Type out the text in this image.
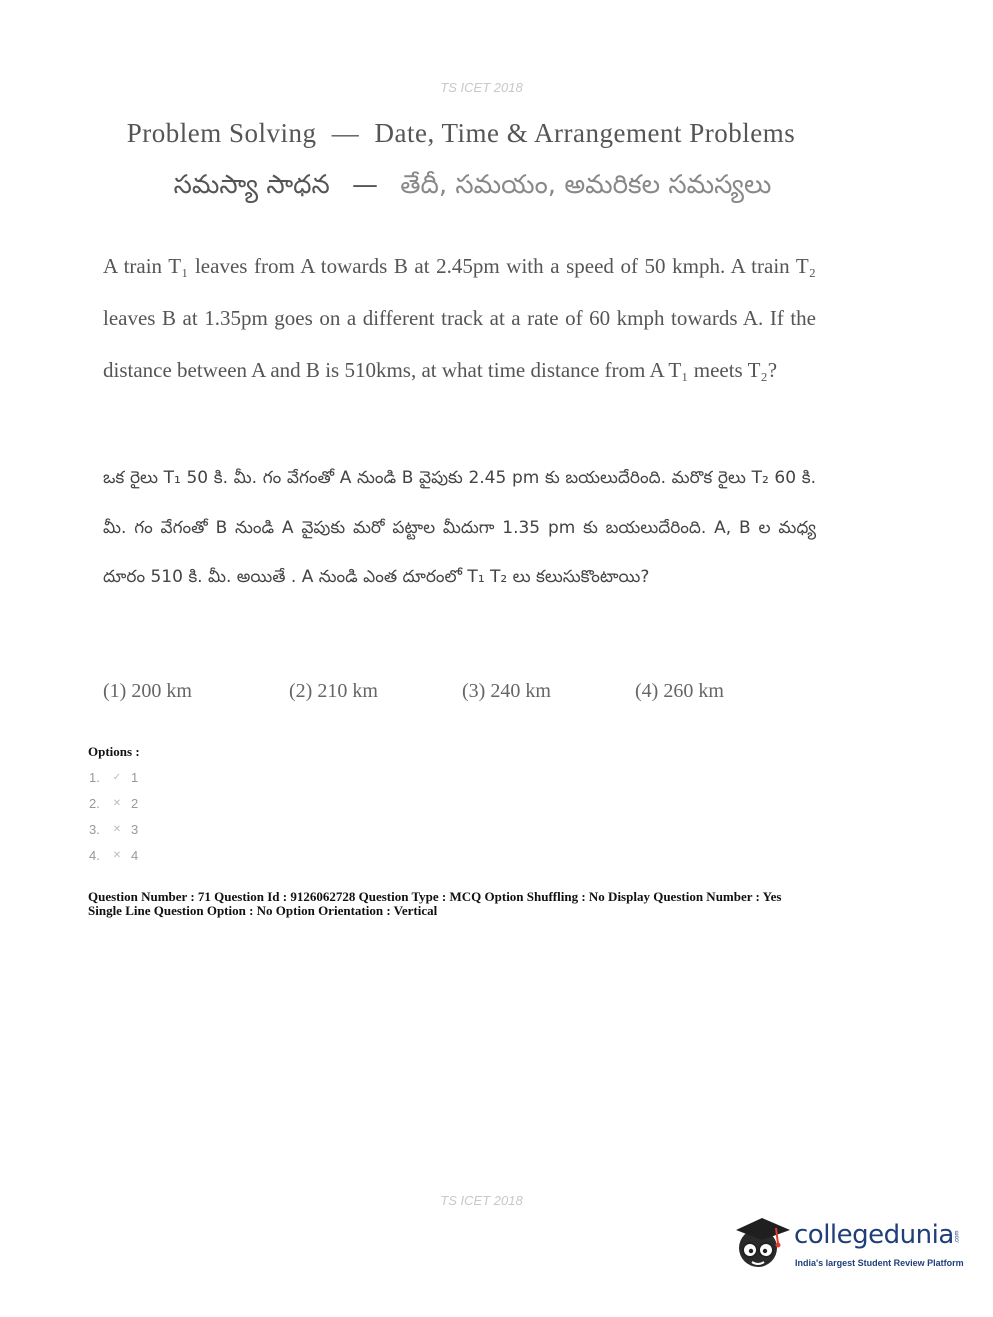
TS ICET 2018
Problem Solving — Date, Time & Arrangement Problems
సమస్యా సాధన — తేదీ, సమయం, అమరికల సమస్యలు
A train T₁ leaves from A towards B at 2.45pm with a speed of 50 kmph. A train T₂ leaves B at 1.35pm goes on a different track at a rate of 60 kmph towards A. If the distance between A and B is 510kms, at what time distance from A T₁ meets T₂?
ఒక రైలు T₁ 50 కి. మీ. గం వేగంతో A నుండి B వైపుకు 2.45 pm కు బయలుదేరింది. మరొక రైలు T₂ 60 కి. మీ. గం వేగంతో B నుండి A వైపుకు మరో పట్టాల మీదుగా 1.35 pm కు బయలుదేరింది. A, B ల మధ్య దూరం 510 కి. మీ. అయితే . A నుండి ఎంత దూరంలో T₁ T₂ లు కలుసుకొంటాయి?
(1) 200 km	(2) 210 km	(3) 240 km	(4) 260 km
Options :
1.	✓ 1
2.	✕ 2
3.	✕ 3
4.	✕ 4
Question Number : 71 Question Id : 9126062728 Question Type : MCQ Option Shuffling : No Display Question Number : Yes
Single Line Question Option : No Option Orientation : Vertical
TS ICET 2018
collegedunia .com
India's largest Student Review Platform
